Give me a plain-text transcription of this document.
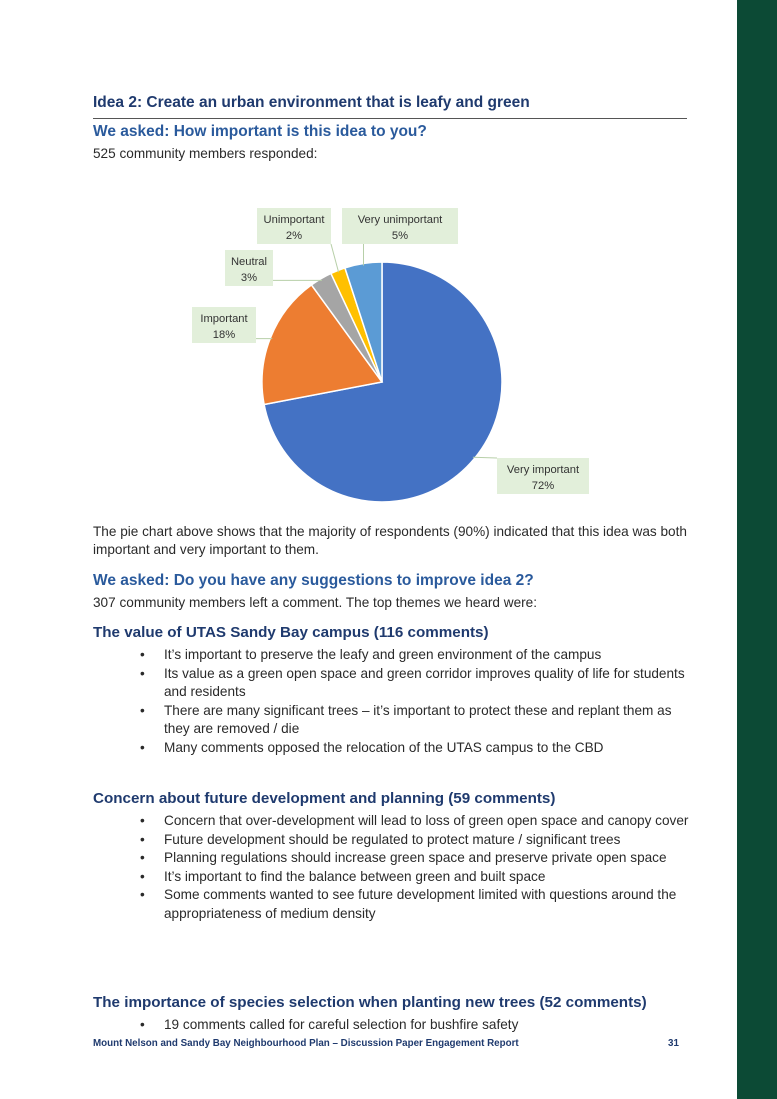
Idea 2: Create an urban environment that is leafy and green
We asked: How important is this idea to you?
525 community members responded:
Very important
72%
Important
18%
Neutral
3%
Unimportant
2%
Very unimportant
5%
The pie chart above shows that the majority of respondents (90%) indicated that this idea was both important and very important to them.
We asked: Do you have any suggestions to improve idea 2?
307 community members left a comment. The top themes we heard were:
The value of UTAS Sandy Bay campus (116 comments)
• It’s important to preserve the leafy and green environment of the campus
• Its value as a green open space and green corridor improves quality of life for students and residents
• There are many significant trees – it’s important to protect these and replant them as they are removed / die
• Many comments opposed the relocation of the UTAS campus to the CBD
Concern about future development and planning (59 comments)
• Concern that over-development will lead to loss of green open space and canopy cover
• Future development should be regulated to protect mature / significant trees
• Planning regulations should increase green space and preserve private open space
• It’s important to find the balance between green and built space
• Some comments wanted to see future development limited with questions around the appropriateness of medium density
The importance of species selection when planting new trees (52 comments)
• 19 comments called for careful selection for bushfire safety
Mount Nelson and Sandy Bay Neighbourhood Plan – Discussion Paper Engagement Report	31
